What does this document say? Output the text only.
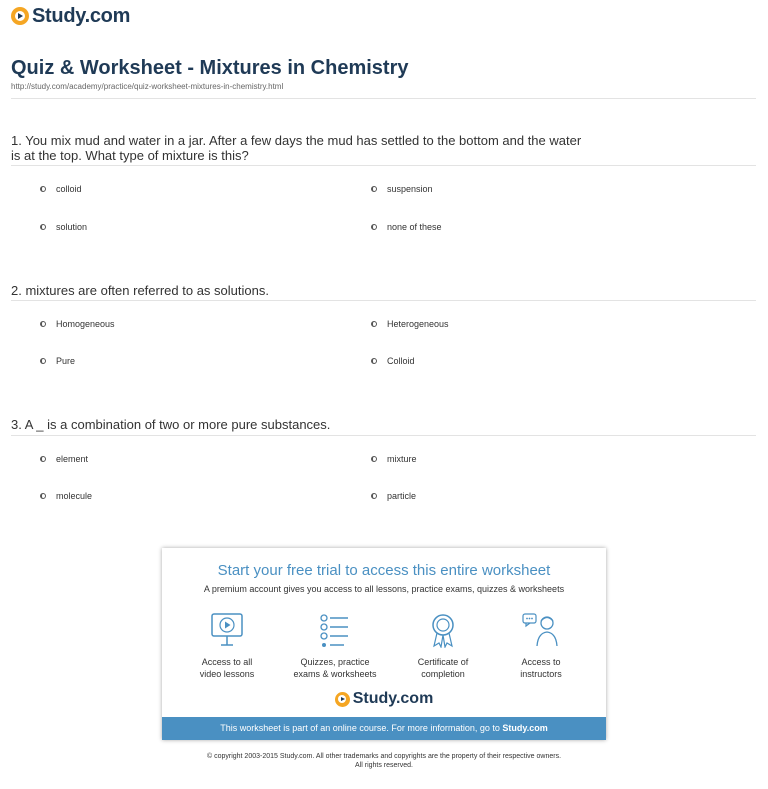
Study.com
Quiz & Worksheet - Mixtures in Chemistry
http://study.com/academy/practice/quiz-worksheet-mixtures-in-chemistry.html
1. You mix mud and water in a jar. After a few days the mud has settled to the bottom and the water
is at the top. What type of mixture is this?
colloid	suspension
solution	none of these
2. mixtures are often referred to as solutions.
Homogeneous	Heterogeneous
Pure	Colloid
3. A _ is a combination of two or more pure substances.
element	mixture
molecule	particle
Start your free trial to access this entire worksheet
A premium account gives you access to all lessons, practice exams, quizzes & worksheets
Access to all
video lessons
Quizzes, practice
exams & worksheets
Certificate of
completion
Access to
instructors
Study.com
This worksheet is part of an online course. For more information, go to Study.com
© copyright 2003-2015 Study.com. All other trademarks and copyrights are the property of their respective owners.
All rights reserved.
